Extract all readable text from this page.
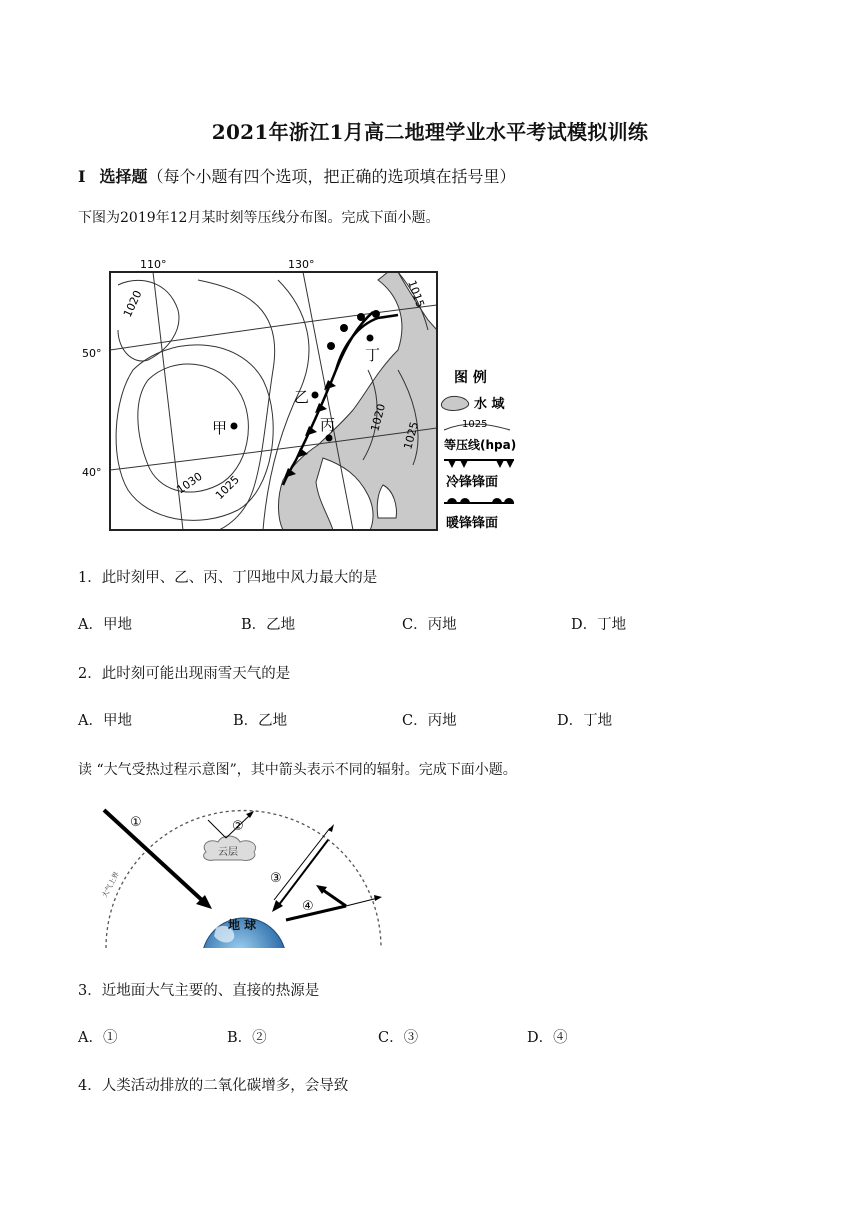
2021年浙江1月高二地理学业水平考试模拟训练
Ⅰ 选择题（每个小题有四个选项，把正确的选项填在括号里）
下图为2019年12月某时刻等压线分布图。完成下面小题。
110°	130°
50°
40°
1020
1030 1025
1020
1025
1015
甲
乙
丙
丁
图 例
水 域
1025
等压线(hpa)
冷锋锋面
暖锋锋面
1．此时刻甲、乙、丙、丁四地中风力最大的是
A．甲地	B．乙地	C．丙地	D．丁地
2．此时刻可能出现雨雪天气的是
A．甲地	B．乙地	C．丙地	D．丁地
读 “大气受热过程示意图”，其中箭头表示不同的辐射。完成下面小题。
地 球
大气上界
云层
①	②
③
④
3．近地面大气主要的、直接的热源是
A．①	B．②	C．③	D．④
4．人类活动排放的二氧化碳增多，会导致
